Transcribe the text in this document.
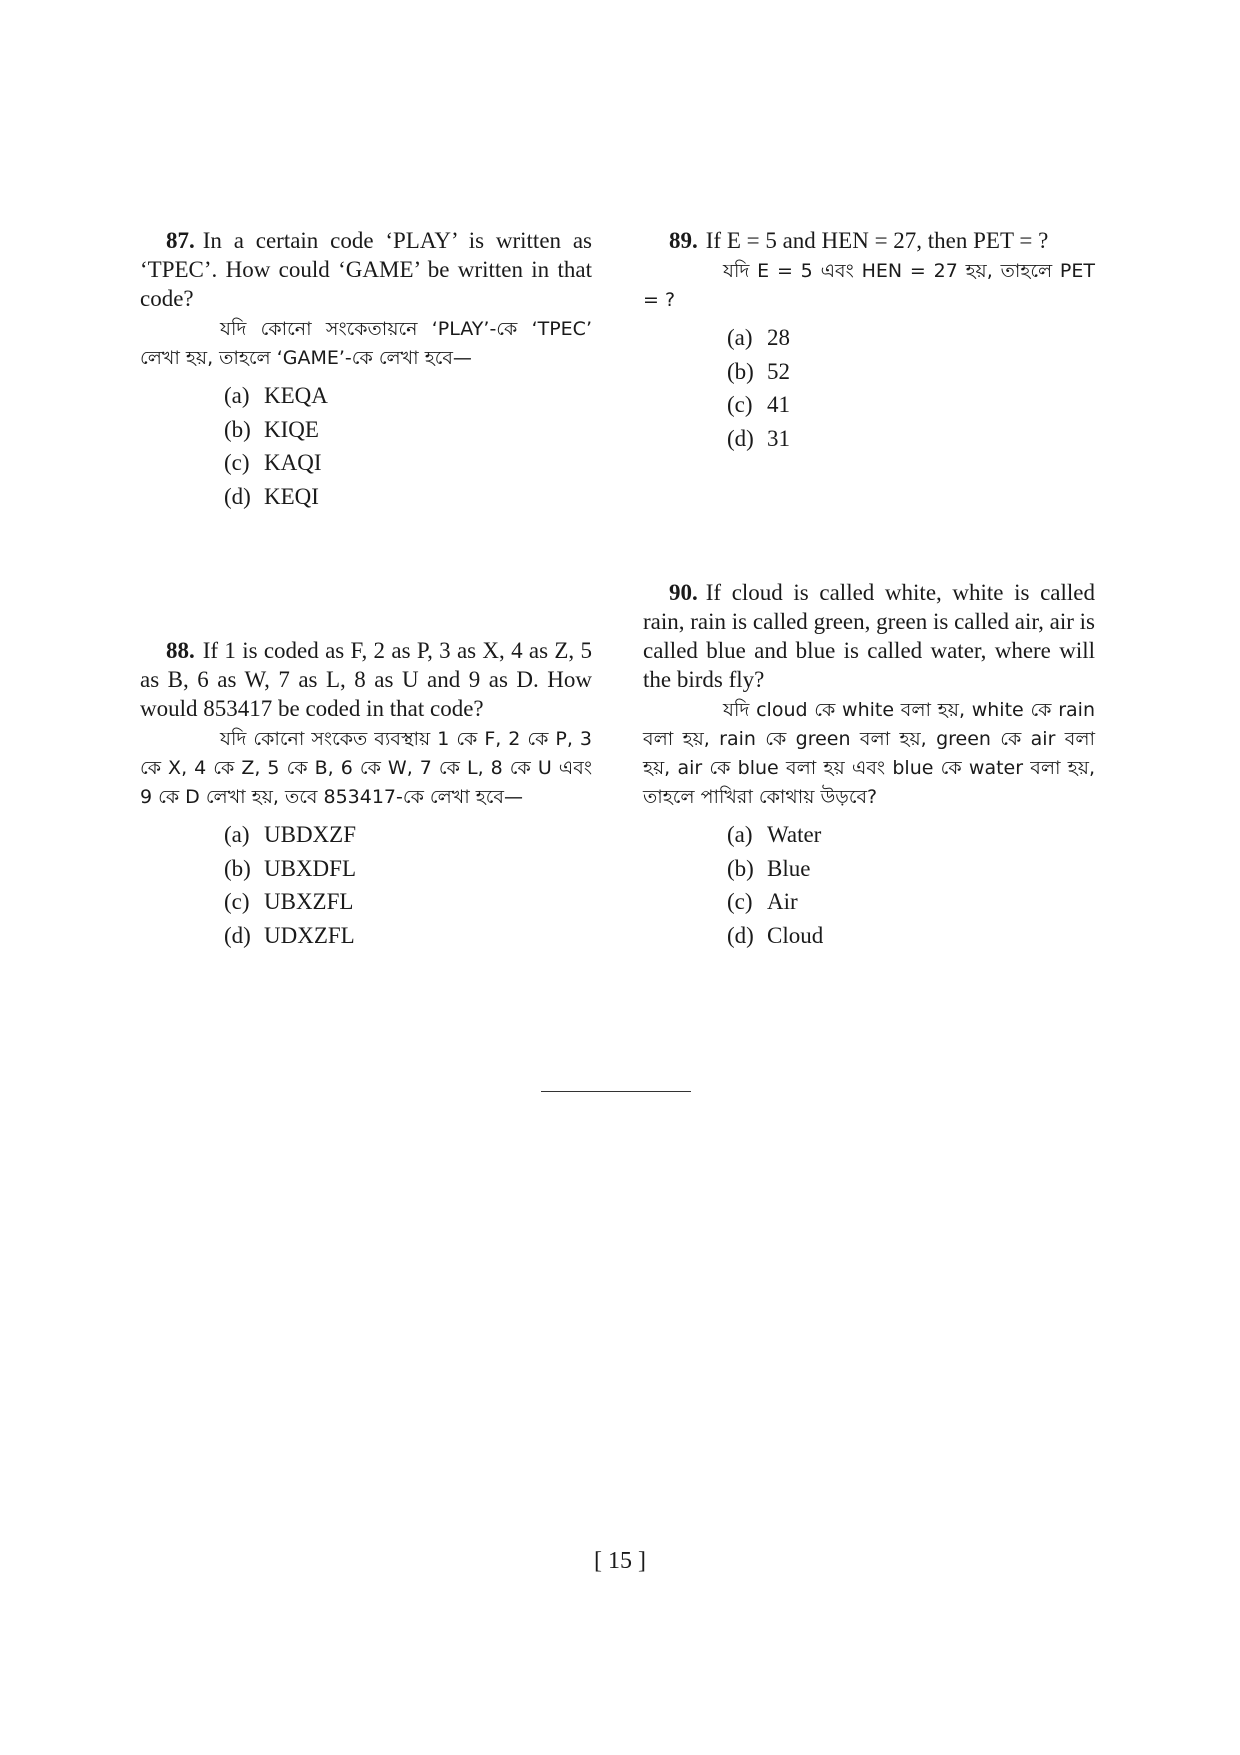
87. In a certain code ‘PLAY’ is written as ‘TPEC’. How could ‘GAME’ be written in that code?

যদি কোনো সংকেতায়নে ‘PLAY’-কে ‘TPEC’ লেখা হয়, তাহলে ‘GAME’-কে লেখা হবে—

(a) KEQA
(b) KIQE
(c) KAQI
(d) KEQI

88. If 1 is coded as F, 2 as P, 3 as X, 4 as Z, 5 as B, 6 as W, 7 as L, 8 as U and 9 as D. How would 853417 be coded in that code?

যদি কোনো সংকেত ব্যবস্থায় 1 কে F, 2 কে P, 3 কে X, 4 কে Z, 5 কে B, 6 কে W, 7 কে L, 8 কে U এবং 9 কে D লেখা হয়, তবে 853417-কে লেখা হবে—

(a) UBDXZF
(b) UBXDFL
(c) UBXZFL
(d) UDXZFL

89. If E = 5 and HEN = 27, then PET = ?

যদি E = 5 এবং HEN = 27 হয়, তাহলে PET = ?

(a) 28
(b) 52
(c) 41
(d) 31

90. If cloud is called white, white is called rain, rain is called green, green is called air, air is called blue and blue is called water, where will the birds fly?

যদি cloud কে white বলা হয়, white কে rain বলা হয়, rain কে green বলা হয়, green কে air বলা হয়, air কে blue বলা হয় এবং blue কে water বলা হয়, তাহলে পাখিরা কোথায় উড়বে?

(a) Water
(b) Blue
(c) Air
(d) Cloud
[ 15 ]
